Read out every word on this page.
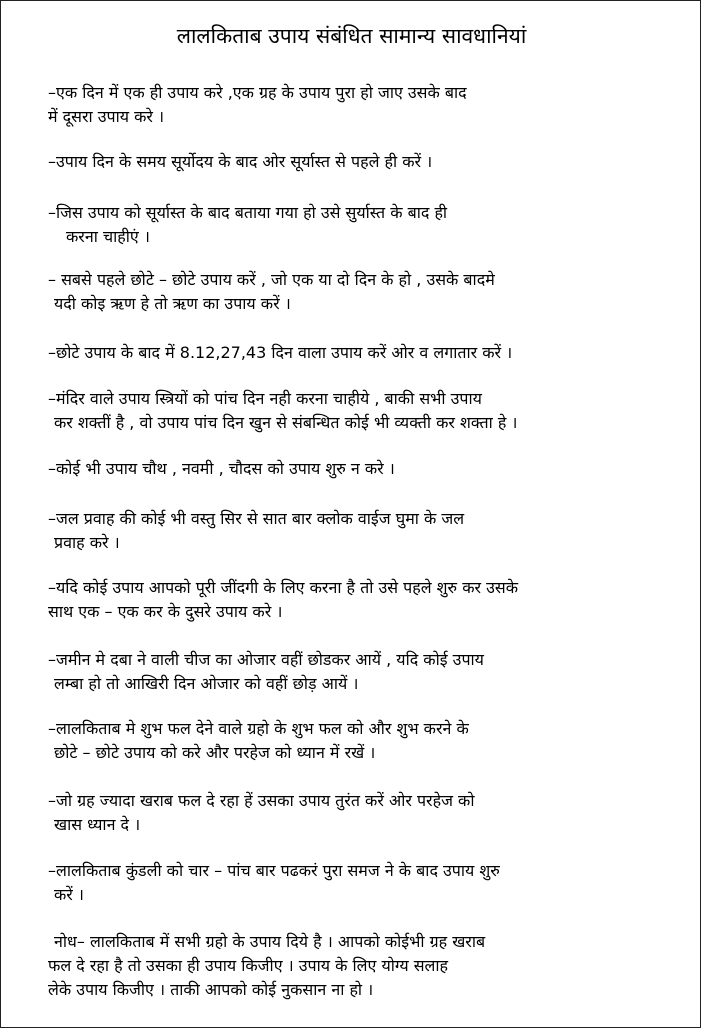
लालकिताब उपाय संबंधित सामान्य सावधानियां
–एक दिन में एक ही उपाय करे ,एक ग्रह के उपाय पुरा हो जाए उसके बाद
में दूसरा उपाय करे ।
–उपाय दिन के समय सूर्योदय के बाद ओर सूर्यास्त से पहले ही करें ।
–जिस उपाय को सूर्यास्त के बाद बताया गया हो उसे सुर्यास्त के बाद ही
करना चाहीएं ।
– सबसे पहले छोटे – छोटे उपाय करें , जो एक या दो दिन के हो , उसके बादमे
यदी कोइ ऋण हे तो ऋण का उपाय करें ।
–छोटे उपाय के बाद में 8.12,27,43 दिन वाला उपाय करें ओर व लगातार करें ।
–मंदिर वाले उपाय स्त्रियों को पांच दिन नही करना चाहीये , बाकी सभी उपाय
कर शक्तीं है , वो उपाय पांच दिन खुन से संबन्धित कोई भी व्यक्ती कर शक्ता हे ।
–कोई भी उपाय चौथ , नवमी , चौदस को उपाय शुरु न करे ।
–जल प्रवाह की कोई भी वस्तु सिर से सात बार क्लोक वाईज घुमा के जल
प्रवाह करे ।
–यदि कोई उपाय आपको पूरी जींदगी के लिए करना है तो उसे पहले शुरु कर उसके
साथ एक – एक कर के दुसरे उपाय करे ।
–जमीन मे दबा ने वाली चीज का ओजार वहीं छोडकर आयें , यदि कोई उपाय
लम्बा हो तो आखिरी दिन ओजार को वहीं छोड़ आयें ।
–लालकिताब मे शुभ फल देने वाले ग्रहो के शुभ फल को और शुभ करने के
छोटे – छोटे उपाय को करे और परहेज को ध्यान में रखें ।
–जो ग्रह ज्यादा खराब फल दे रहा हें उसका उपाय तुरंत करें ओर परहेज को
खास ध्यान दे ।
–लालकिताब कुंडली को चार – पांच बार पढकरं पुरा समज ने के बाद उपाय शुरु
करें ।
नोध– लालकिताब में सभी ग्रहो के उपाय दिये है । आपको कोईभी ग्रह खराब
फल दे रहा है तो उसका ही उपाय किजीए । उपाय के लिए योग्य सलाह
लेके उपाय किजीए । ताकी आपको कोई नुकसान ना हो ।
